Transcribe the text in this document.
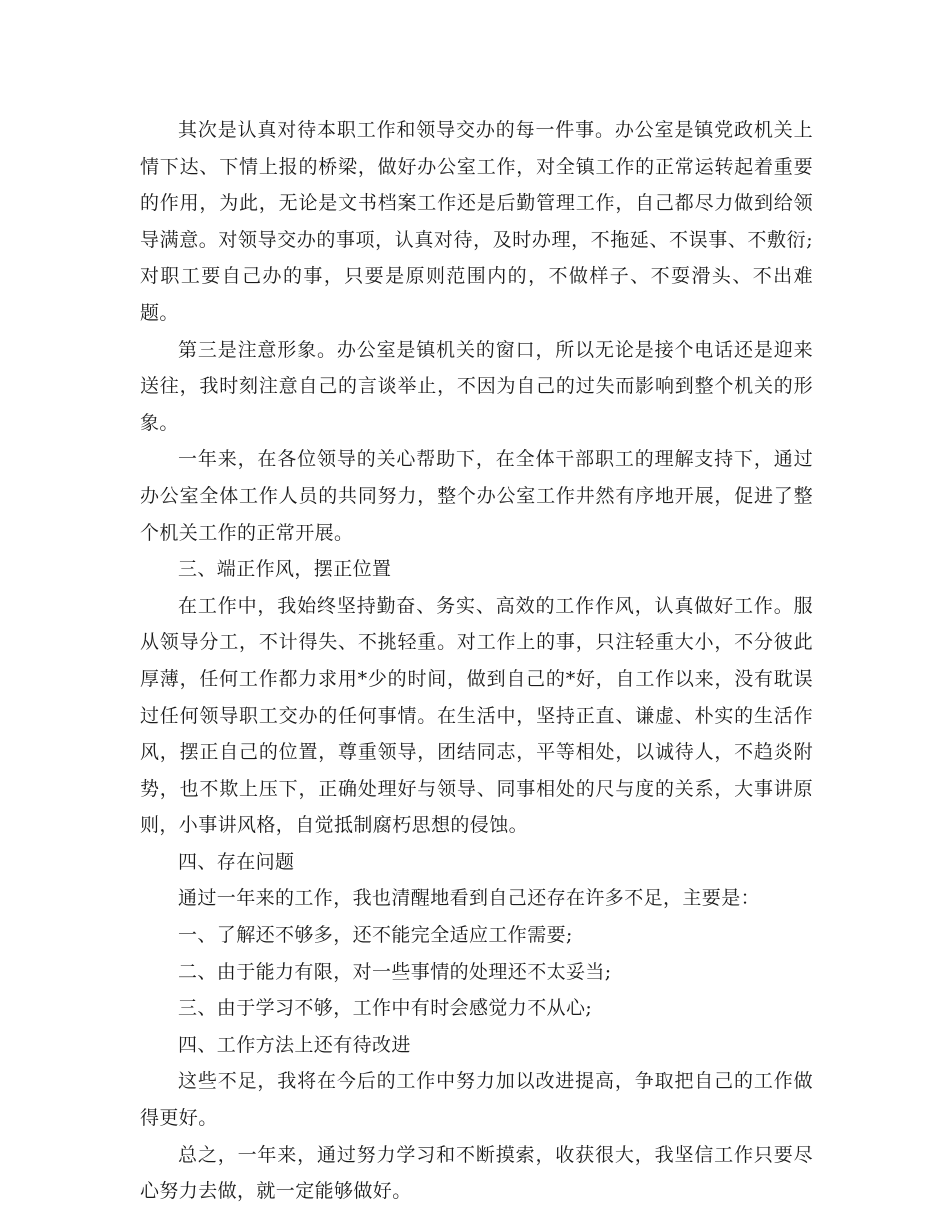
其次是认真对待本职工作和领导交办的每一件事。办公室是镇党政机关上情下达、下情上报的桥梁，做好办公室工作，对全镇工作的正常运转起着重要的作用，为此，无论是文书档案工作还是后勤管理工作，自己都尽力做到给领导满意。对领导交办的事项，认真对待，及时办理，不拖延、不误事、不敷衍;对职工要自己办的事，只要是原则范围内的，不做样子、不耍滑头、不出难题。

第三是注意形象。办公室是镇机关的窗口，所以无论是接个电话还是迎来送往，我时刻注意自己的言谈举止，不因为自己的过失而影响到整个机关的形象。

一年来，在各位领导的关心帮助下，在全体干部职工的理解支持下，通过办公室全体工作人员的共同努力，整个办公室工作井然有序地开展，促进了整个机关工作的正常开展。

三、端正作风，摆正位置

在工作中，我始终坚持勤奋、务实、高效的工作作风，认真做好工作。服从领导分工，不计得失、不挑轻重。对工作上的事，只注轻重大小，不分彼此厚薄，任何工作都力求用*少的时间，做到自己的*好，自工作以来，没有耽误过任何领导职工交办的任何事情。在生活中，坚持正直、谦虚、朴实的生活作风，摆正自己的位置，尊重领导，团结同志，平等相处，以诚待人，不趋炎附势，也不欺上压下，正确处理好与领导、同事相处的尺与度的关系，大事讲原则，小事讲风格，自觉抵制腐朽思想的侵蚀。

四、存在问题

通过一年来的工作，我也清醒地看到自己还存在许多不足，主要是：

一、了解还不够多，还不能完全适应工作需要;

二、由于能力有限，对一些事情的处理还不太妥当;

三、由于学习不够，工作中有时会感觉力不从心;

四、工作方法上还有待改进

这些不足，我将在今后的工作中努力加以改进提高，争取把自己的工作做得更好。

总之，一年来，通过努力学习和不断摸索，收获很大，我坚信工作只要尽心努力去做，就一定能够做好。
